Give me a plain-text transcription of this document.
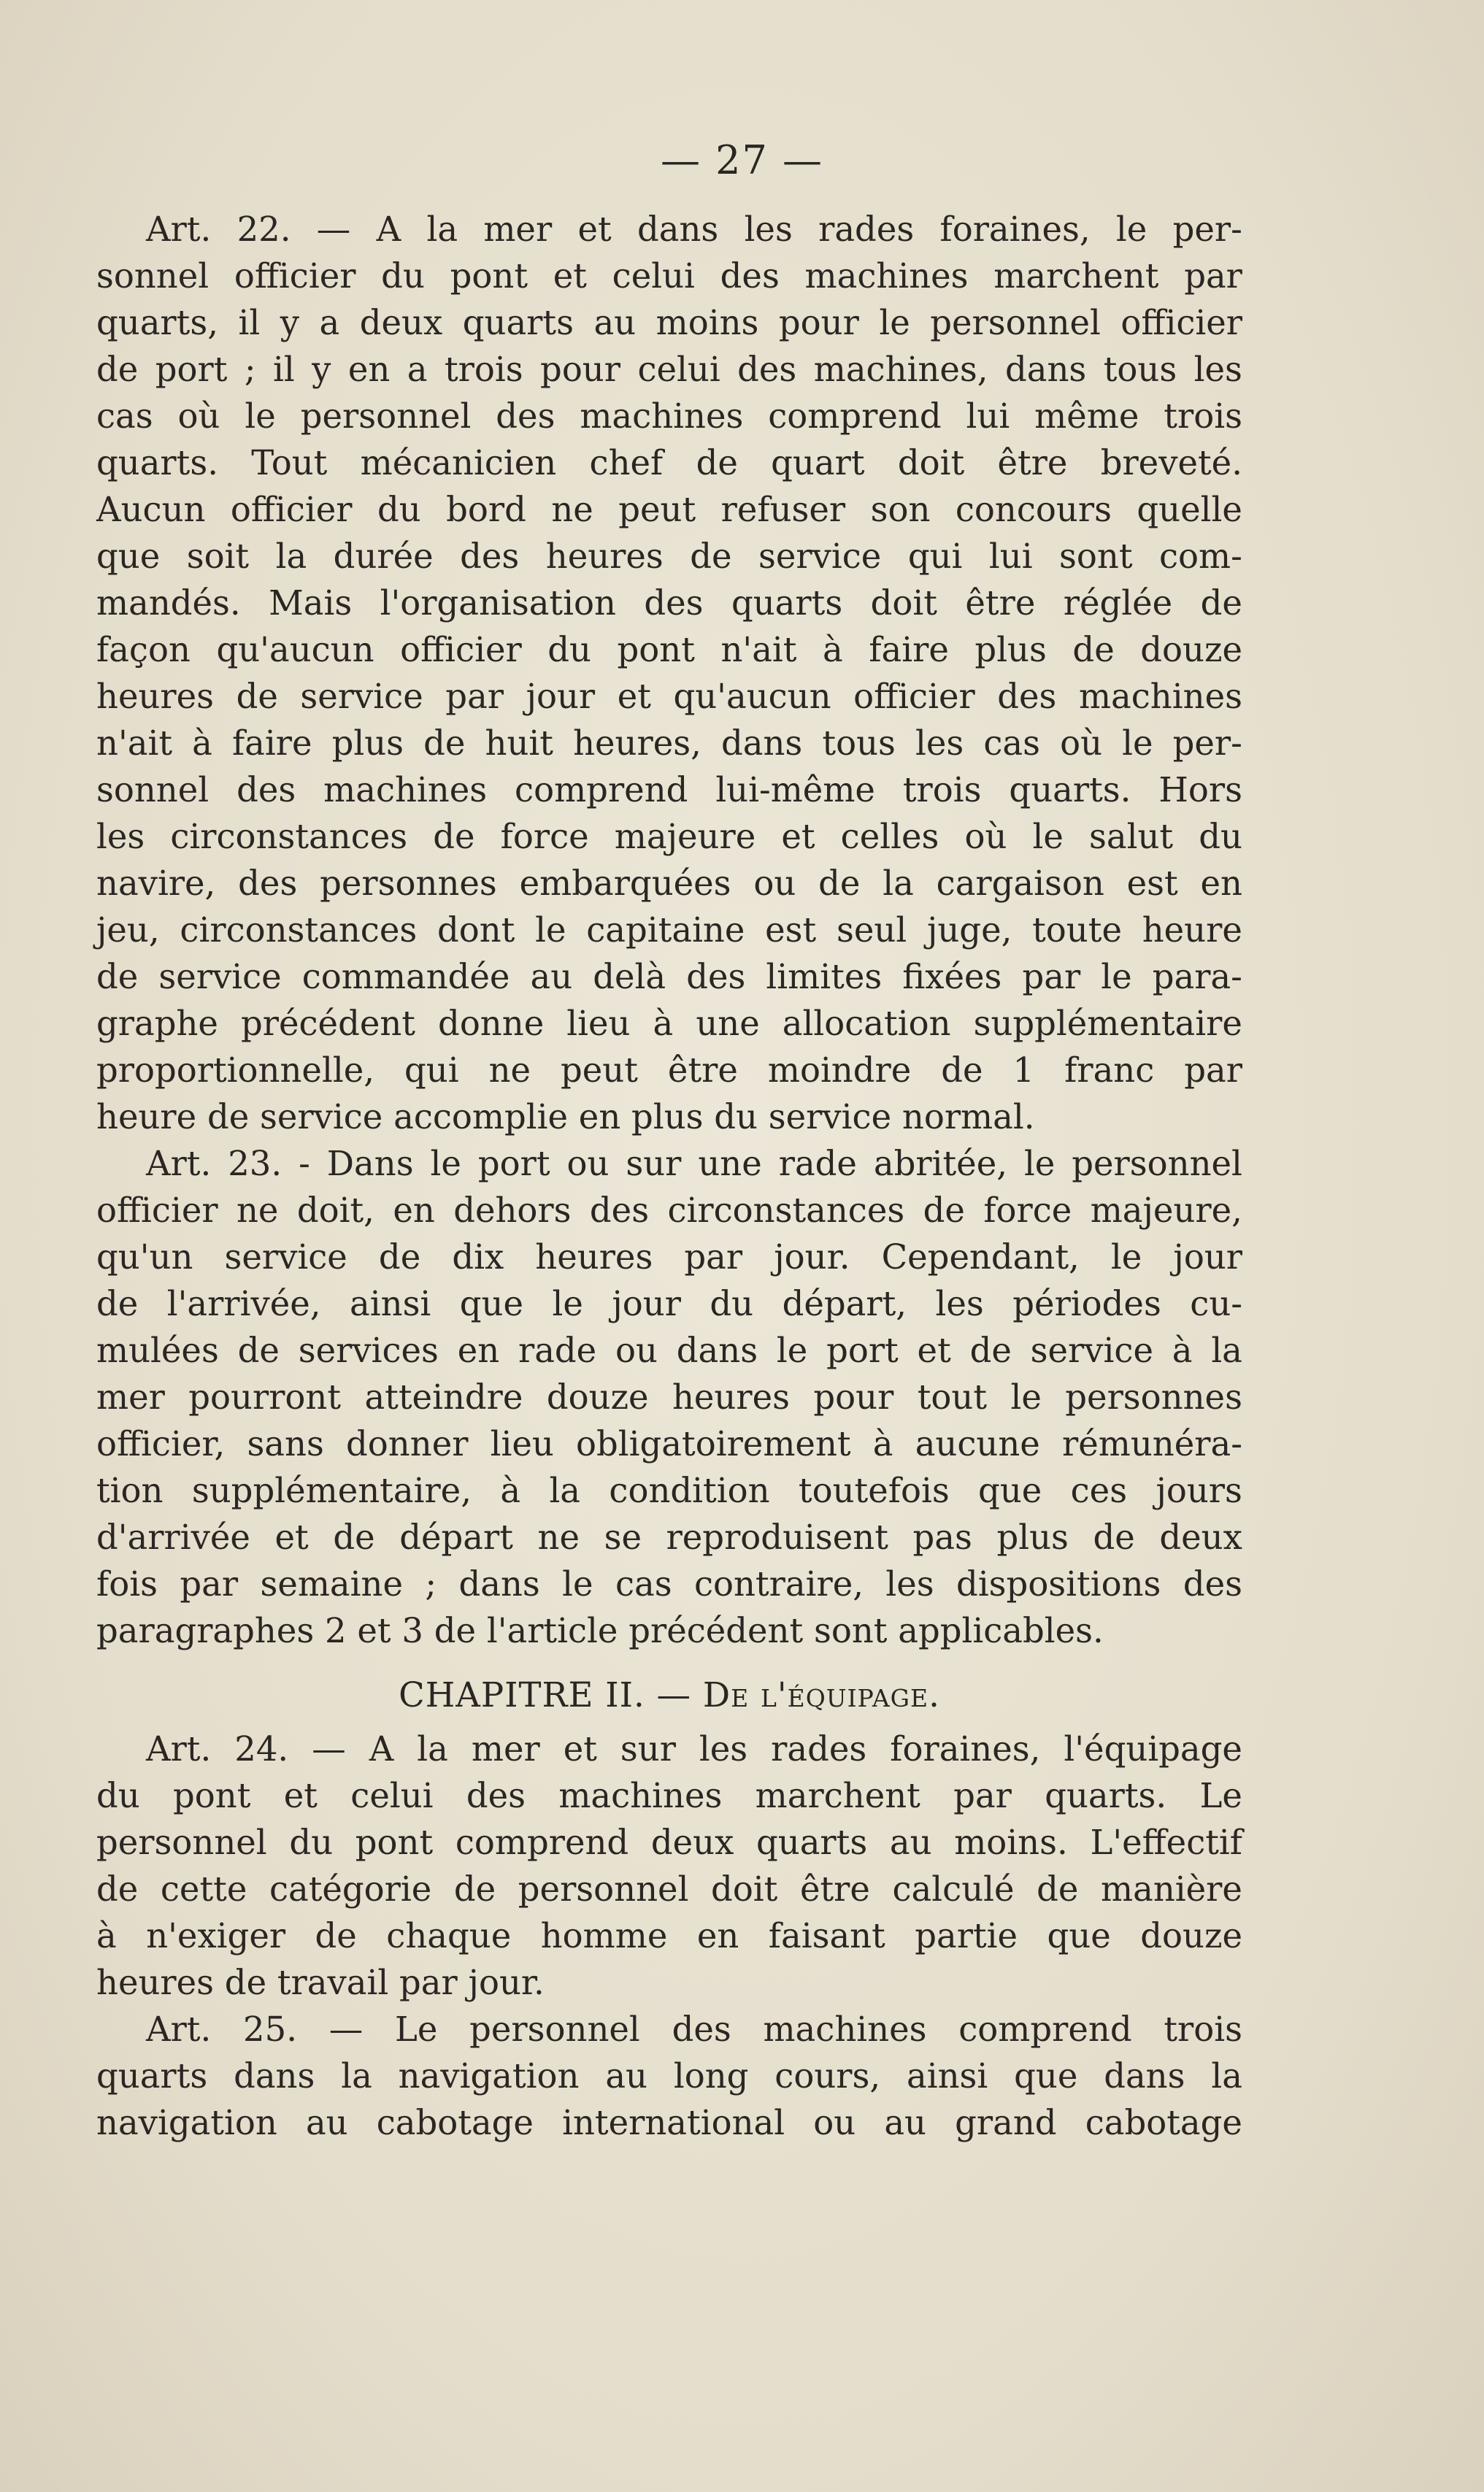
— 27 —
Art. 22. — A la mer et dans les rades foraines, le per-
sonnel officier du pont et celui des machines marchent par
quarts, il y a deux quarts au moins pour le personnel officier
de port ; il y en a trois pour celui des machines, dans tous les
cas où le personnel des machines comprend lui même trois
quarts. Tout mécanicien chef de quart doit être breveté.
Aucun officier du bord ne peut refuser son concours quelle
que soit la durée des heures de service qui lui sont com-
mandés. Mais l'organisation des quarts doit être réglée de
façon qu'aucun officier du pont n'ait à faire plus de douze
heures de service par jour et qu'aucun officier des machines
n'ait à faire plus de huit heures, dans tous les cas où le per-
sonnel des machines comprend lui-même trois quarts. Hors
les circonstances de force majeure et celles où le salut du
navire, des personnes embarquées ou de la cargaison est en
jeu, circonstances dont le capitaine est seul juge, toute heure
de service commandée au delà des limites fixées par le para-
graphe précédent donne lieu à une allocation supplémentaire
proportionnelle, qui ne peut être moindre de 1 franc par
heure de service accomplie en plus du service normal.
Art. 23. - Dans le port ou sur une rade abritée, le personnel
officier ne doit, en dehors des circonstances de force majeure,
qu'un service de dix heures par jour. Cependant, le jour
de l'arrivée, ainsi que le jour du départ, les périodes cu-
mulées de services en rade ou dans le port et de service à la
mer pourront atteindre douze heures pour tout le personnes
officier, sans donner lieu obligatoirement à aucune rémunéra-
tion supplémentaire, à la condition toutefois que ces jours
d'arrivée et de départ ne se reproduisent pas plus de deux
fois par semaine ; dans le cas contraire, les dispositions des
paragraphes 2 et 3 de l'article précédent sont applicables.
CHAPITRE II. — De l'équipage.
Art. 24. — A la mer et sur les rades foraines, l'équipage
du pont et celui des machines marchent par quarts. Le
personnel du pont comprend deux quarts au moins. L'effectif
de cette catégorie de personnel doit être calculé de manière
à n'exiger de chaque homme en faisant partie que douze
heures de travail par jour.
Art. 25. — Le personnel des machines comprend trois
quarts dans la navigation au long cours, ainsi que dans la
navigation au cabotage international ou au grand cabotage
